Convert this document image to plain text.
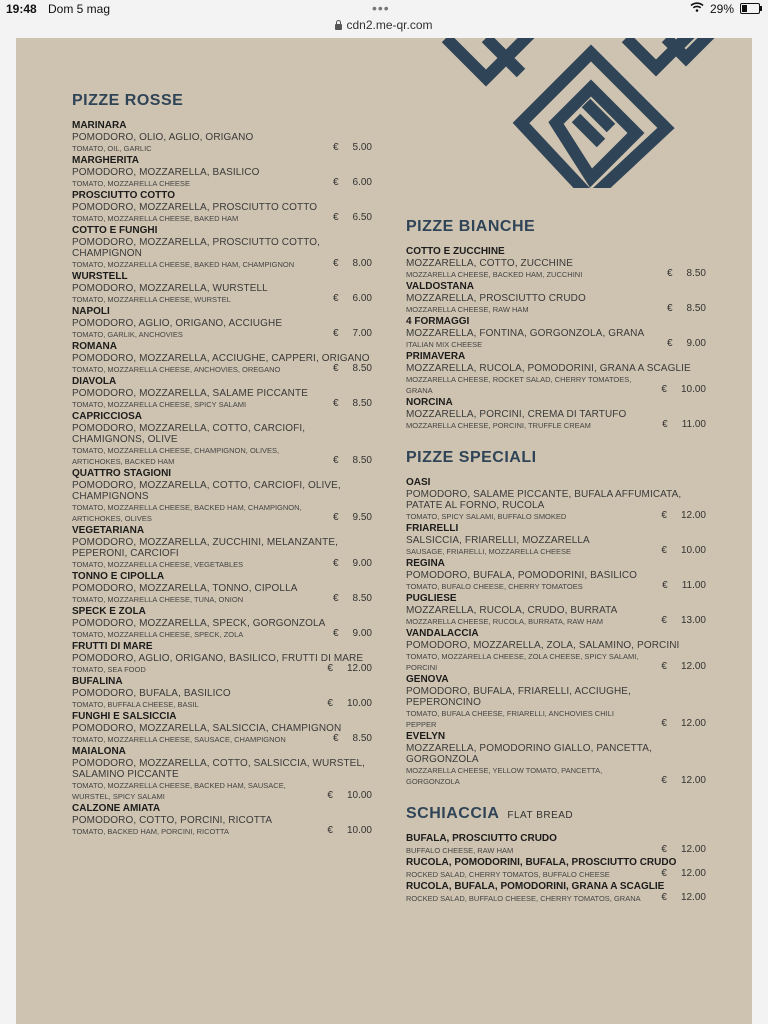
19:48 Dom 5 mag	•••	29%
cdn2.me-qr.com
PIZZE ROSSE
MARINARA
POMODORO, OLIO, AGLIO, ORIGANO
TOMATO, OIL, GARLIC	€ 5.00
MARGHERITA
POMODORO, MOZZARELLA, BASILICO
TOMATO, MOZZARELLA CHEESE	€ 6.00
PROSCIUTTO COTTO
POMODORO, MOZZARELLA, PROSCIUTTO COTTO
TOMATO, MOZZARELLA CHEESE, BAKED HAM	€ 6.50
COTTO E FUNGHI
POMODORO, MOZZARELLA, PROSCIUTTO COTTO, CHAMPIGNON
TOMATO, MOZZARELLA CHEESE, BAKED HAM, CHAMPIGNON	€ 8.00
WURSTELL
POMODORO, MOZZARELLA, WURSTELL
TOMATO, MOZZARELLA CHEESE, WURSTEL	€ 6.00
NAPOLI
POMODORO, AGLIO, ORIGANO, ACCIUGHE
TOMATO, GARLIK, ANCHOVIES	€ 7.00
ROMANA
POMODORO, MOZZARELLA, ACCIUGHE, CAPPERI, ORIGANO
TOMATO, MOZZARELLA CHEESE, ANCHOVIES, OREGANO	€ 8.50
DIAVOLA
POMODORO, MOZZARELLA, SALAME PICCANTE
TOMATO, MOZZARELLA CHEESE, SPICY SALAMI	€ 8.50
CAPRICCIOSA
POMODORO, MOZZARELLA, COTTO, CARCIOFI, CHAMIGNONS, OLIVE
TOMATO, MOZZARELLA CHEESE, CHAMPIGNON, OLIVES, ARTICHOKES, BACKED HAM	€ 8.50
QUATTRO STAGIONI
POMODORO, MOZZARELLA, COTTO, CARCIOFI, OLIVE, CHAMPIGNONS
TOMATO, MOZZARELLA CHEESE, BACKED HAM, CHAMPIGNON, ARTICHOKES, OLIVES	€ 9.50
VEGETARIANA
POMODORO, MOZZARELLA, ZUCCHINI, MELANZANTE, PEPERONI, CARCIOFI
TOMATO, MOZZARELLA CHEESE, VEGETABLES	€ 9.00
TONNO E CIPOLLA
POMODORO, MOZZARELLA, TONNO, CIPOLLA
TOMATO, MOZZARELLA CHEESE, TUNA, ONION	€ 8.50
SPECK E ZOLA
POMODORO, MOZZARELLA, SPECK, GORGONZOLA
TOMATO, MOZZARELLA CHEESE, SPECK, ZOLA	€ 9.00
FRUTTI DI MARE
POMODORO, AGLIO, ORIGANO, BASILICO, FRUTTI DI MARE
TOMATO, SEA FOOD	€ 12.00
BUFALINA
POMODORO, BUFALA, BASILICO
TOMATO, BUFFALA CHEESE, BASIL	€ 10.00
FUNGHI E SALSICCIA
POMODORO, MOZZARELLA, SALSICCIA, CHAMPIGNON
TOMATO, MOZZARELLA CHEESE, SAUSACE, CHAMPIGNON	€ 8.50
MAIALONA
POMODORO, MOZZARELLA, COTTO, SALSICCIA, WURSTEL, SALAMINO PICCANTE
TOMATO, MOZZARELLA CHEESE, BACKED HAM, SAUSACE, WURSTEL, SPICY SALAMI	€ 10.00
CALZONE AMIATA
POMODORO, COTTO, PORCINI, RICOTTA
TOMATO, BACKED HAM, PORCINI, RICOTTA	€ 10.00
PIZZE BIANCHE
COTTO E ZUCCHINE
MOZZARELLA, COTTO, ZUCCHINE
MOZZARELLA CHEESE, BACKED HAM, ZUCCHINI	€ 8.50
VALDOSTANA
MOZZARELLA, PROSCIUTTO CRUDO
MOZZARELLA CHEESE, RAW HAM	€ 8.50
4 FORMAGGI
MOZZARELLA, FONTINA, GORGONZOLA, GRANA
ITALIAN MIX CHEESE	€ 9.00
PRIMAVERA
MOZZARELLA, RUCOLA, POMODORINI, GRANA A SCAGLIE
MOZZARELLA CHEESE, ROCKET SALAD, CHERRY TOMATOES, GRANA	€ 10.00
NORCINA
MOZZARELLA, PORCINI, CREMA DI TARTUFO
MOZZARELLA CHEESE, PORCINI, TRUFFLE CREAM	€ 11.00
PIZZE SPECIALI
OASI
POMODORO, SALAME PICCANTE, BUFALA AFFUMICATA, PATATE AL FORNO, RUCOLA
TOMATO, SPICY SALAMI, BUFFALO SMOKED	€ 12.00
FRIARELLI
SALSICCIA, FRIARELLI, MOZZARELLA
SAUSAGE, FRIARELLI, MOZZARELLA CHEESE	€ 10.00
REGINA
POMODORO, BUFALA, POMODORINI, BASILICO
TOMATO, BUFALO CHEESE, CHERRY TOMATOES	€ 11.00
PUGLIESE
MOZZARELLA, RUCOLA, CRUDO, BURRATA
MOZZARELLA CHEESE, RUCOLA, BURRATA, RAW HAM	€ 13.00
VANDALACCIA
POMODORO, MOZZARELLA, ZOLA, SALAMINO, PORCINI
TOMATO, MOZZARELLA CHEESE, ZOLA CHEESE, SPICY SALAMI, PORCINI	€ 12.00
GENOVA
POMODORO, BUFALA, FRIARELLI, ACCIUGHE, PEPERONCINO
TOMATO, BUFALA CHEESE, FRIARELLI, ANCHOVIES CHILI PEPPER	€ 12.00
EVELYN
MOZZARELLA, POMODORINO GIALLO, PANCETTA, GORGONZOLA
MOZZARELLA CHEESE, YELLOW TOMATO, PANCETTA, GORGONZOLA	€ 12.00
SCHIACCIA FLAT BREAD
BUFALA, PROSCIUTTO CRUDO
BUFFALO CHEESE, RAW HAM	€ 12.00
RUCOLA, POMODORINI, BUFALA, PROSCIUTTO CRUDO
ROCKED SALAD, CHERRY TOMATOS, BUFFALO CHEESE	€ 12.00
RUCOLA, BUFALA, POMODORINI, GRANA A SCAGLIE
ROCKED SALAD, BUFFALO CHEESE, CHERRY TOMATOS, GRANA	€ 12.00
